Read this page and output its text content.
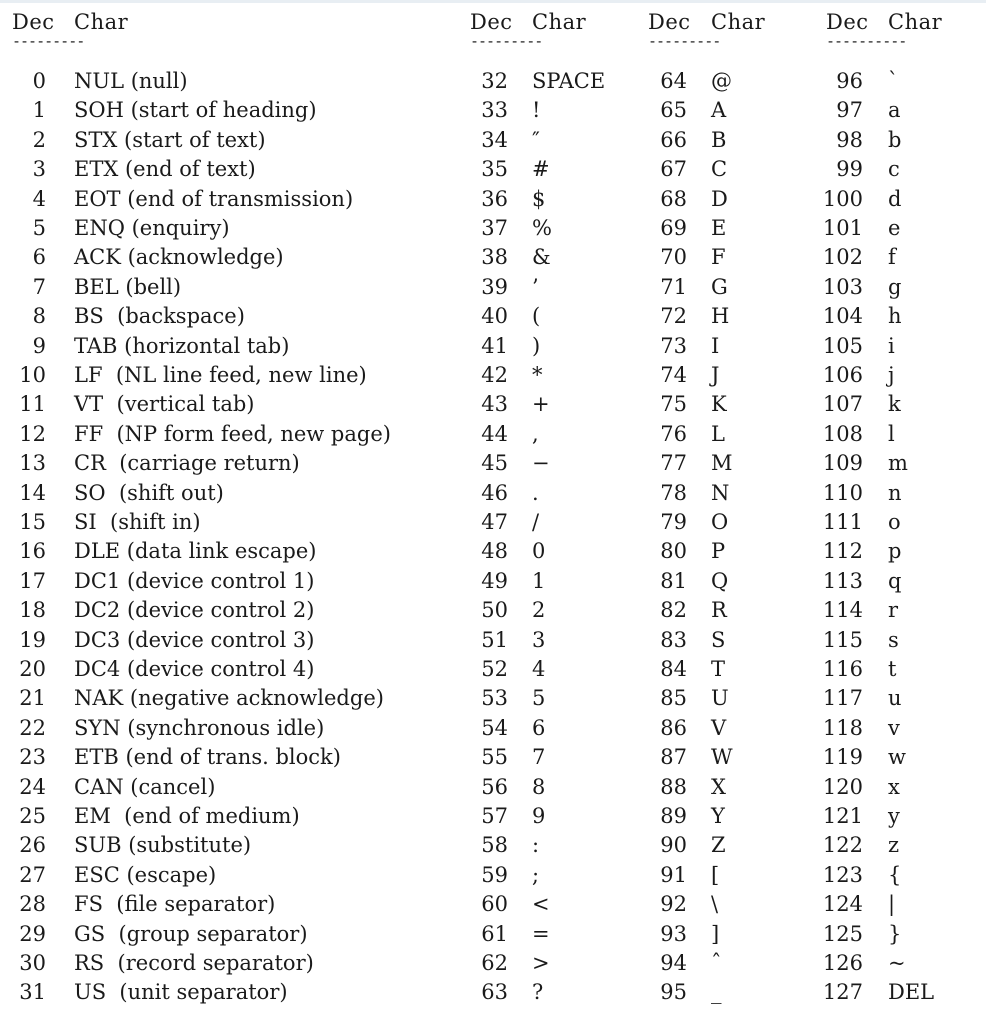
Dec Char
---------
Dec Char
---------
Dec Char
---------
Dec Char
----------
0 NUL (null)
1 SOH (start of heading)
2 STX (start of text)
3 ETX (end of text)
4 EOT (end of transmission)
5 ENQ (enquiry)
6 ACK (acknowledge)
7 BEL (bell)
8 BS  (backspace)
9 TAB (horizontal tab)
10 LF  (NL line feed, new line)
11 VT  (vertical tab)
12 FF  (NP form feed, new page)
13 CR  (carriage return)
14 SO  (shift out)
15 SI  (shift in)
16 DLE (data link escape)
17 DC1 (device control 1)
18 DC2 (device control 2)
19 DC3 (device control 3)
20 DC4 (device control 4)
21 NAK (negative acknowledge)
22 SYN (synchronous idle)
23 ETB (end of trans. block)
24 CAN (cancel)
25 EM  (end of medium)
26 SUB (substitute)
27 ESC (escape)
28 FS  (file separator)
29 GS  (group separator)
30 RS  (record separator)
31 US  (unit separator)
32 SPACE
33 !
34 ″
35 #
36 $
37 %
38 &
39 ’
40 (
41 )
42 *
43 +
44 ,
45 −
46 .
47 /
48 0
49 1
50 2
51 3
52 4
53 5
54 6
55 7
56 8
57 9
58 :
59 ;
60 <
61 =
62 >
63 ?
64 @
65 A
66 B
67 C
68 D
69 E
70 F
71 G
72 H
73 I
74 J
75 K
76 L
77 M
78 N
79 O
80 P
81 Q
82 R
83 S
84 T
85 U
86 V
87 W
88 X
89 Y
90 Z
91 [
92 \
93 ]
94 ˆ
95 _
96 `
97 a
98 b
99 c
100 d
101 e
102 f
103 g
104 h
105 i
106 j
107 k
108 l
109 m
110 n
111 o
112 p
113 q
114 r
115 s
116 t
117 u
118 v
119 w
120 x
121 y
122 z
123 {
124 |
125 }
126 ~
127 DEL
